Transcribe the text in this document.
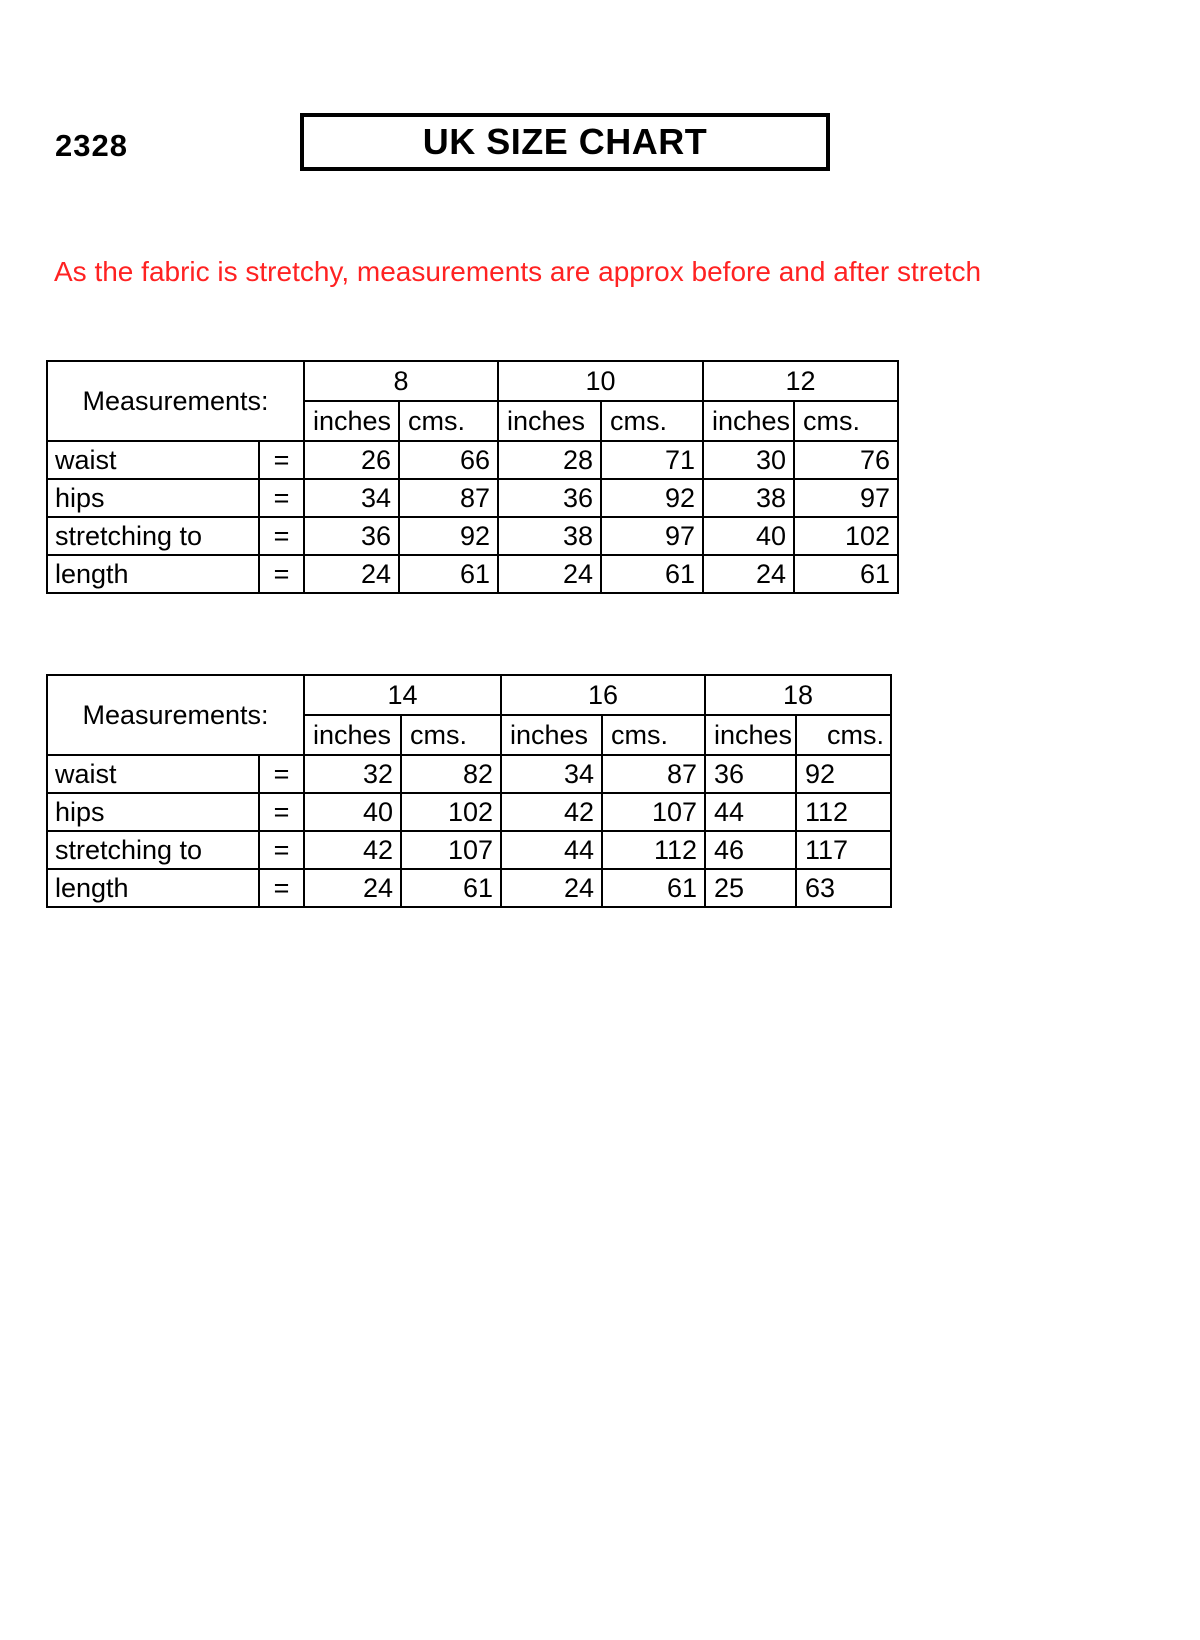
2328	UK SIZE CHART
As the fabric is stretchy, measurements are approx before and after stretch
Measurements:		8		10		12	
		inches	cms.	inches	cms.	inches	cms.
waist	=	26	66	28	71	30	76
hips	=	34	87	36	92	38	97
stretching to	=	36	92	38	97	40	102
length	=	24	61	24	61	24	61
Measurements:		14		16		18	
		inches	cms.	inches	cms.	inches	cms.
waist	=	32	82	34	87	36	92
hips	=	40	102	42	107	44	112
stretching to	=	42	107	44	112	46	117
length	=	24	61	24	61	25	63
